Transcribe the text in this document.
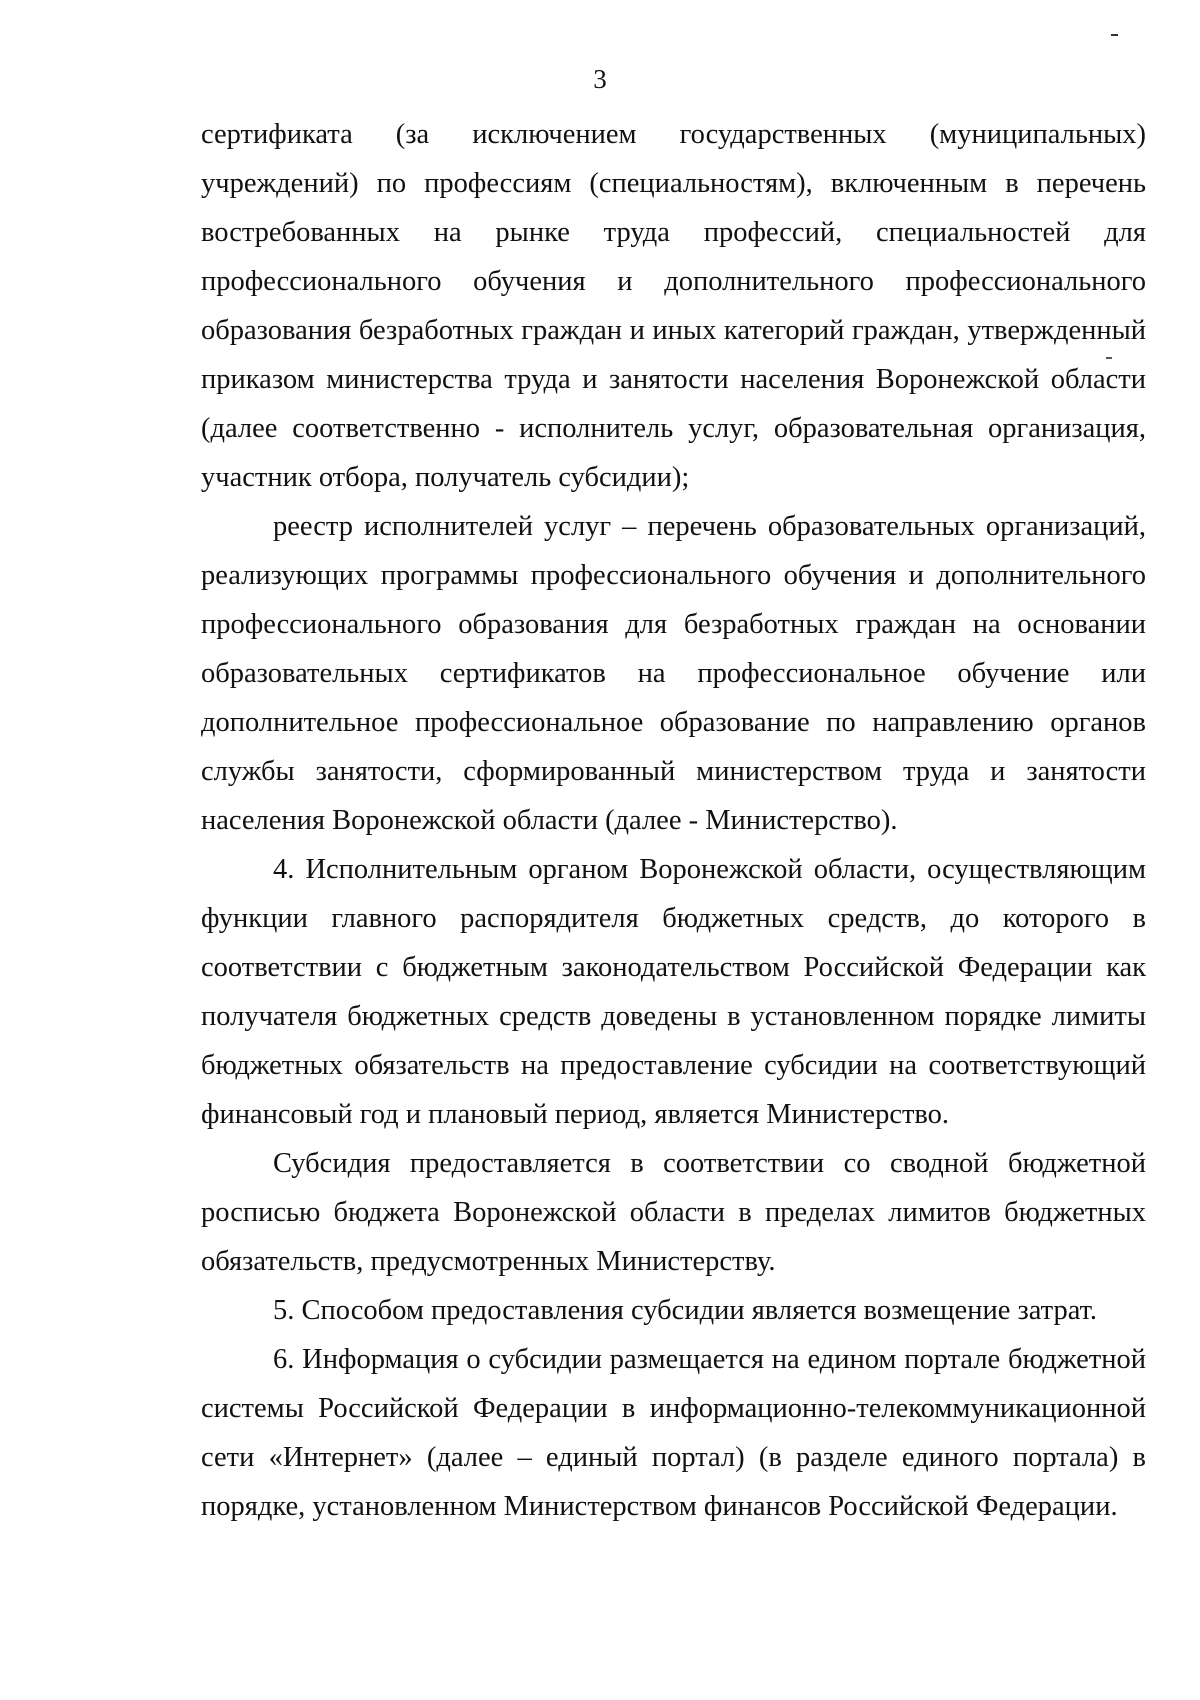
3

сертификата (за исключением государственных (муниципальных)
учреждений) по профессиям (специальностям), включенным в перечень
востребованных на рынке труда профессий, специальностей для
профессионального обучения и дополнительного профессионального
образования безработных граждан и иных категорий граждан, утвержденный
приказом министерства труда и занятости населения Воронежской области
(далее соответственно - исполнитель услуг, образовательная организация,
участник отбора, получатель субсидии);

реестр исполнителей услуг – перечень образовательных организаций,
реализующих программы профессионального обучения и дополнительного
профессионального образования для безработных граждан на основании
образовательных сертификатов на профессиональное обучение или
дополнительное профессиональное образование по направлению органов
службы занятости, сформированный министерством труда и занятости
населения Воронежской области (далее - Министерство).

4. Исполнительным органом Воронежской области, осуществляющим
функции главного распорядителя бюджетных средств, до которого в
соответствии с бюджетным законодательством Российской Федерации как
получателя бюджетных средств доведены в установленном порядке лимиты
бюджетных обязательств на предоставление субсидии на соответствующий
финансовый год и плановый период, является Министерство.

Субсидия предоставляется в соответствии со сводной бюджетной
росписью бюджета Воронежской области в пределах лимитов бюджетных
обязательств, предусмотренных Министерству.

5. Способом предоставления субсидии является возмещение затрат.

6. Информация о субсидии размещается на едином портале бюджетной
системы Российской Федерации в информационно-телекоммуникационной
сети «Интернет» (далее – единый портал) (в разделе единого портала) в
порядке, установленном Министерством финансов Российской Федерации.
